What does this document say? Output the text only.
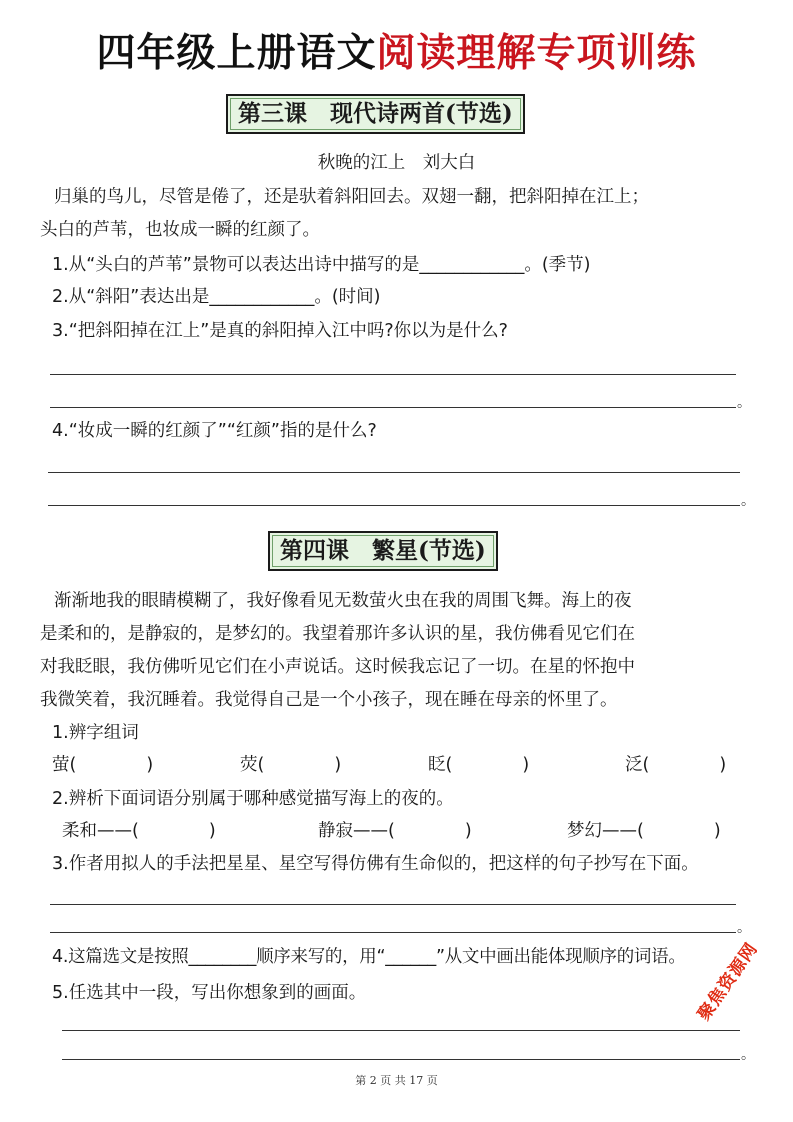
四年级上册语文阅读理解专项训练
第三课　现代诗两首(节选)
秋晚的江上　刘大白
归巢的鸟儿，尽管是倦了，还是驮着斜阳回去。双翅一翻，把斜阳掉在江上；
头白的芦苇，也妆成一瞬的红颜了。
1.从“头白的芦苇”景物可以表达出诗中描写的是____________。(季节)
2.从“斜阳”表达出是____________。(时间)
3.“把斜阳掉在江上”是真的斜阳掉入江中吗?你以为是什么?
。
4.“妆成一瞬的红颜了”“红颜”指的是什么?
。
第四课　繁星(节选)
渐渐地我的眼睛模糊了，我好像看见无数萤火虫在我的周围飞舞。海上的夜
是柔和的，是静寂的，是梦幻的。我望着那许多认识的星，我仿佛看见它们在
对我眨眼，我仿佛听见它们在小声说话。这时候我忘记了一切。在星的怀抱中
我微笑着，我沉睡着。我觉得自己是一个小孩子，现在睡在母亲的怀里了。
1.辨字组词
萤(　　　　)	荧(　　　　)	眨(　　　　)	泛(　　　　)
2.辨析下面词语分别属于哪种感觉描写海上的夜的。
柔和——(　　　　)	静寂——(　　　　)	梦幻——(　　　　)
3.作者用拟人的手法把星星、星空写得仿佛有生命似的，把这样的句子抄写在下面。
。
4.这篇选文是按照________顺序来写的，用“______”从文中画出能体现顺序的词语。
5.任选其中一段，写出你想象到的画面。
。
第 2 页 共 17 页
聚焦资源网
